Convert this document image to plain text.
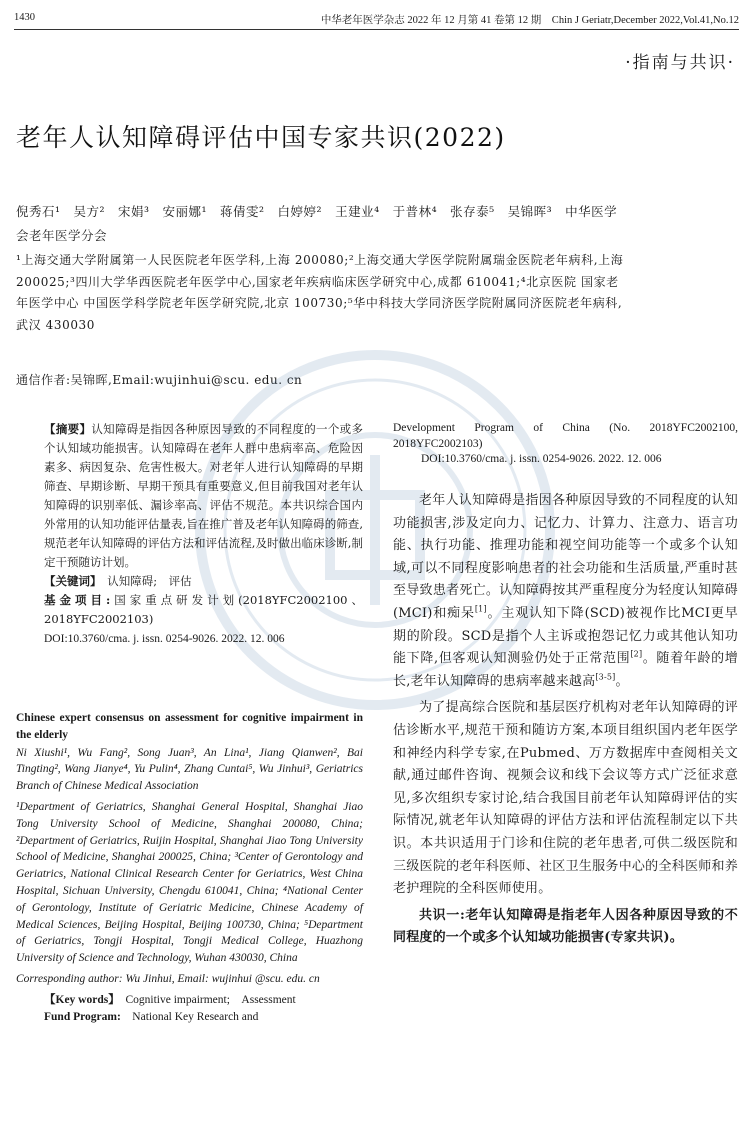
1430	中华老年医学杂志 2022 年 12 月第 41 卷第 12 期　Chin J Geriatr,December 2022,Vol.41,No.12
·指南与共识·
老年人认知障碍评估中国专家共识(2022)
倪秀石¹　吴方²　宋娟³　安丽娜¹　蒋倩雯²　白婷婷²　王建业⁴　于普林⁴　张存泰⁵　吴锦晖³　中华医学会老年医学分会
¹上海交通大学附属第一人民医院老年医学科,上海 200080;²上海交通大学医学院附属瑞金医院老年病科,上海 200025;³四川大学华西医院老年医学中心,国家老年疾病临床医学研究中心,成都 610041;⁴北京医院 国家老年医学中心 中国医学科学院老年医学研究院,北京 100730;⁵华中科技大学同济医学院附属同济医院老年病科,武汉 430030
通信作者:吴锦晖,Email:wujinhui@scu. edu. cn
【摘要】认知障碍是指因各种原因导致的不同程度的一个或多个认知域功能损害。认知障碍在老年人群中患病率高、危险因素多、病因复杂、危害性极大。对老年人进行认知障碍的早期筛查、早期诊断、早期干预具有重要意义,但目前我国对老年认知障碍的识别率低、漏诊率高、评估不规范。本共识综合国内外常用的认知功能评估量表,旨在推广普及老年认知障碍的筛查,规范老年认知障碍的评估方法和评估流程,及时做出临床诊断,制定干预随访计划。
【关键词】　 认知障碍;　评估
基金项目:国家重点研发计划(2018YFC2002100、2018YFC2002103)
DOI:10.3760/cma. j. issn. 0254-9026. 2022. 12. 006
Chinese expert consensus on assessment for cognitive impairment in the elderly
Ni Xiushi¹, Wu Fang², Song Juan³, An Lina¹, Jiang Qianwen², Bai Tingting², Wang Jianye⁴, Yu Pulin⁴, Zhang Cuntai⁵, Wu Jinhui³, Geriatrics Branch of Chinese Medical Association
¹Department of Geriatrics, Shanghai General Hospital, Shanghai Jiao Tong University School of Medicine, Shanghai 200080, China; ²Department of Geriatrics, Ruijin Hospital, Shanghai Jiao Tong University School of Medicine, Shanghai 200025, China; ³Center of Gerontology and Geriatrics, National Clinical Research Center for Geriatrics, West China Hospital, Sichuan University, Chengdu 610041, China; ⁴National Center of Gerontology, Institute of Geriatric Medicine, Chinese Academy of Medical Sciences, Beijing Hospital, Beijing 100730, China; ⁵Department of Geriatrics, Tongji Hospital, Tongji Medical College, Huazhong University of Science and Technology, Wuhan 430030, China
Corresponding author: Wu Jinhui, Email: wujinhui @scu. edu. cn
【Key words】　 Cognitive impairment;　Assessment
Fund Program:　 National Key Research and
Development Program of China (No. 2018YFC2002100, 2018YFC2002103)
DOI:10.3760/cma. j. issn. 0254-9026. 2022. 12. 006

老年人认知障碍是指因各种原因导致的不同程度的认知功能损害,涉及定向力、记忆力、计算力、注意力、语言功能、执行功能、推理功能和视空间功能等一个或多个认知域,可以不同程度影响患者的社会功能和生活质量,严重时甚至导致患者死亡。认知障碍按其严重程度分为轻度认知障碍(MCI)和痴呆[1]。主观认知下降(SCD)被视作比MCI更早期的阶段。SCD是指个人主诉或抱怨记忆力或其他认知功能下降,但客观认知测验仍处于正常范围[2]。随着年龄的增长,老年认知障碍的患病率越来越高[3-5]。

为了提高综合医院和基层医疗机构对老年认知障碍的评估诊断水平,规范干预和随访方案,本项目组织国内老年医学和神经内科学专家,在Pubmed、万方数据库中查阅相关文献,通过邮件咨询、视频会议和线下会议等方式广泛征求意见,多次组织专家讨论,结合我国目前老年认知障碍评估的实际情况,就老年认知障碍的评估方法和评估流程制定以下共识。本共识适用于门诊和住院的老年患者,可供二级医院和三级医院的老年科医师、社区卫生服务中心的全科医师和养老护理院的全科医师使用。

共识一:老年认知障碍是指老年人因各种原因导致的不同程度的一个或多个认知域功能损害(专家共识)。
